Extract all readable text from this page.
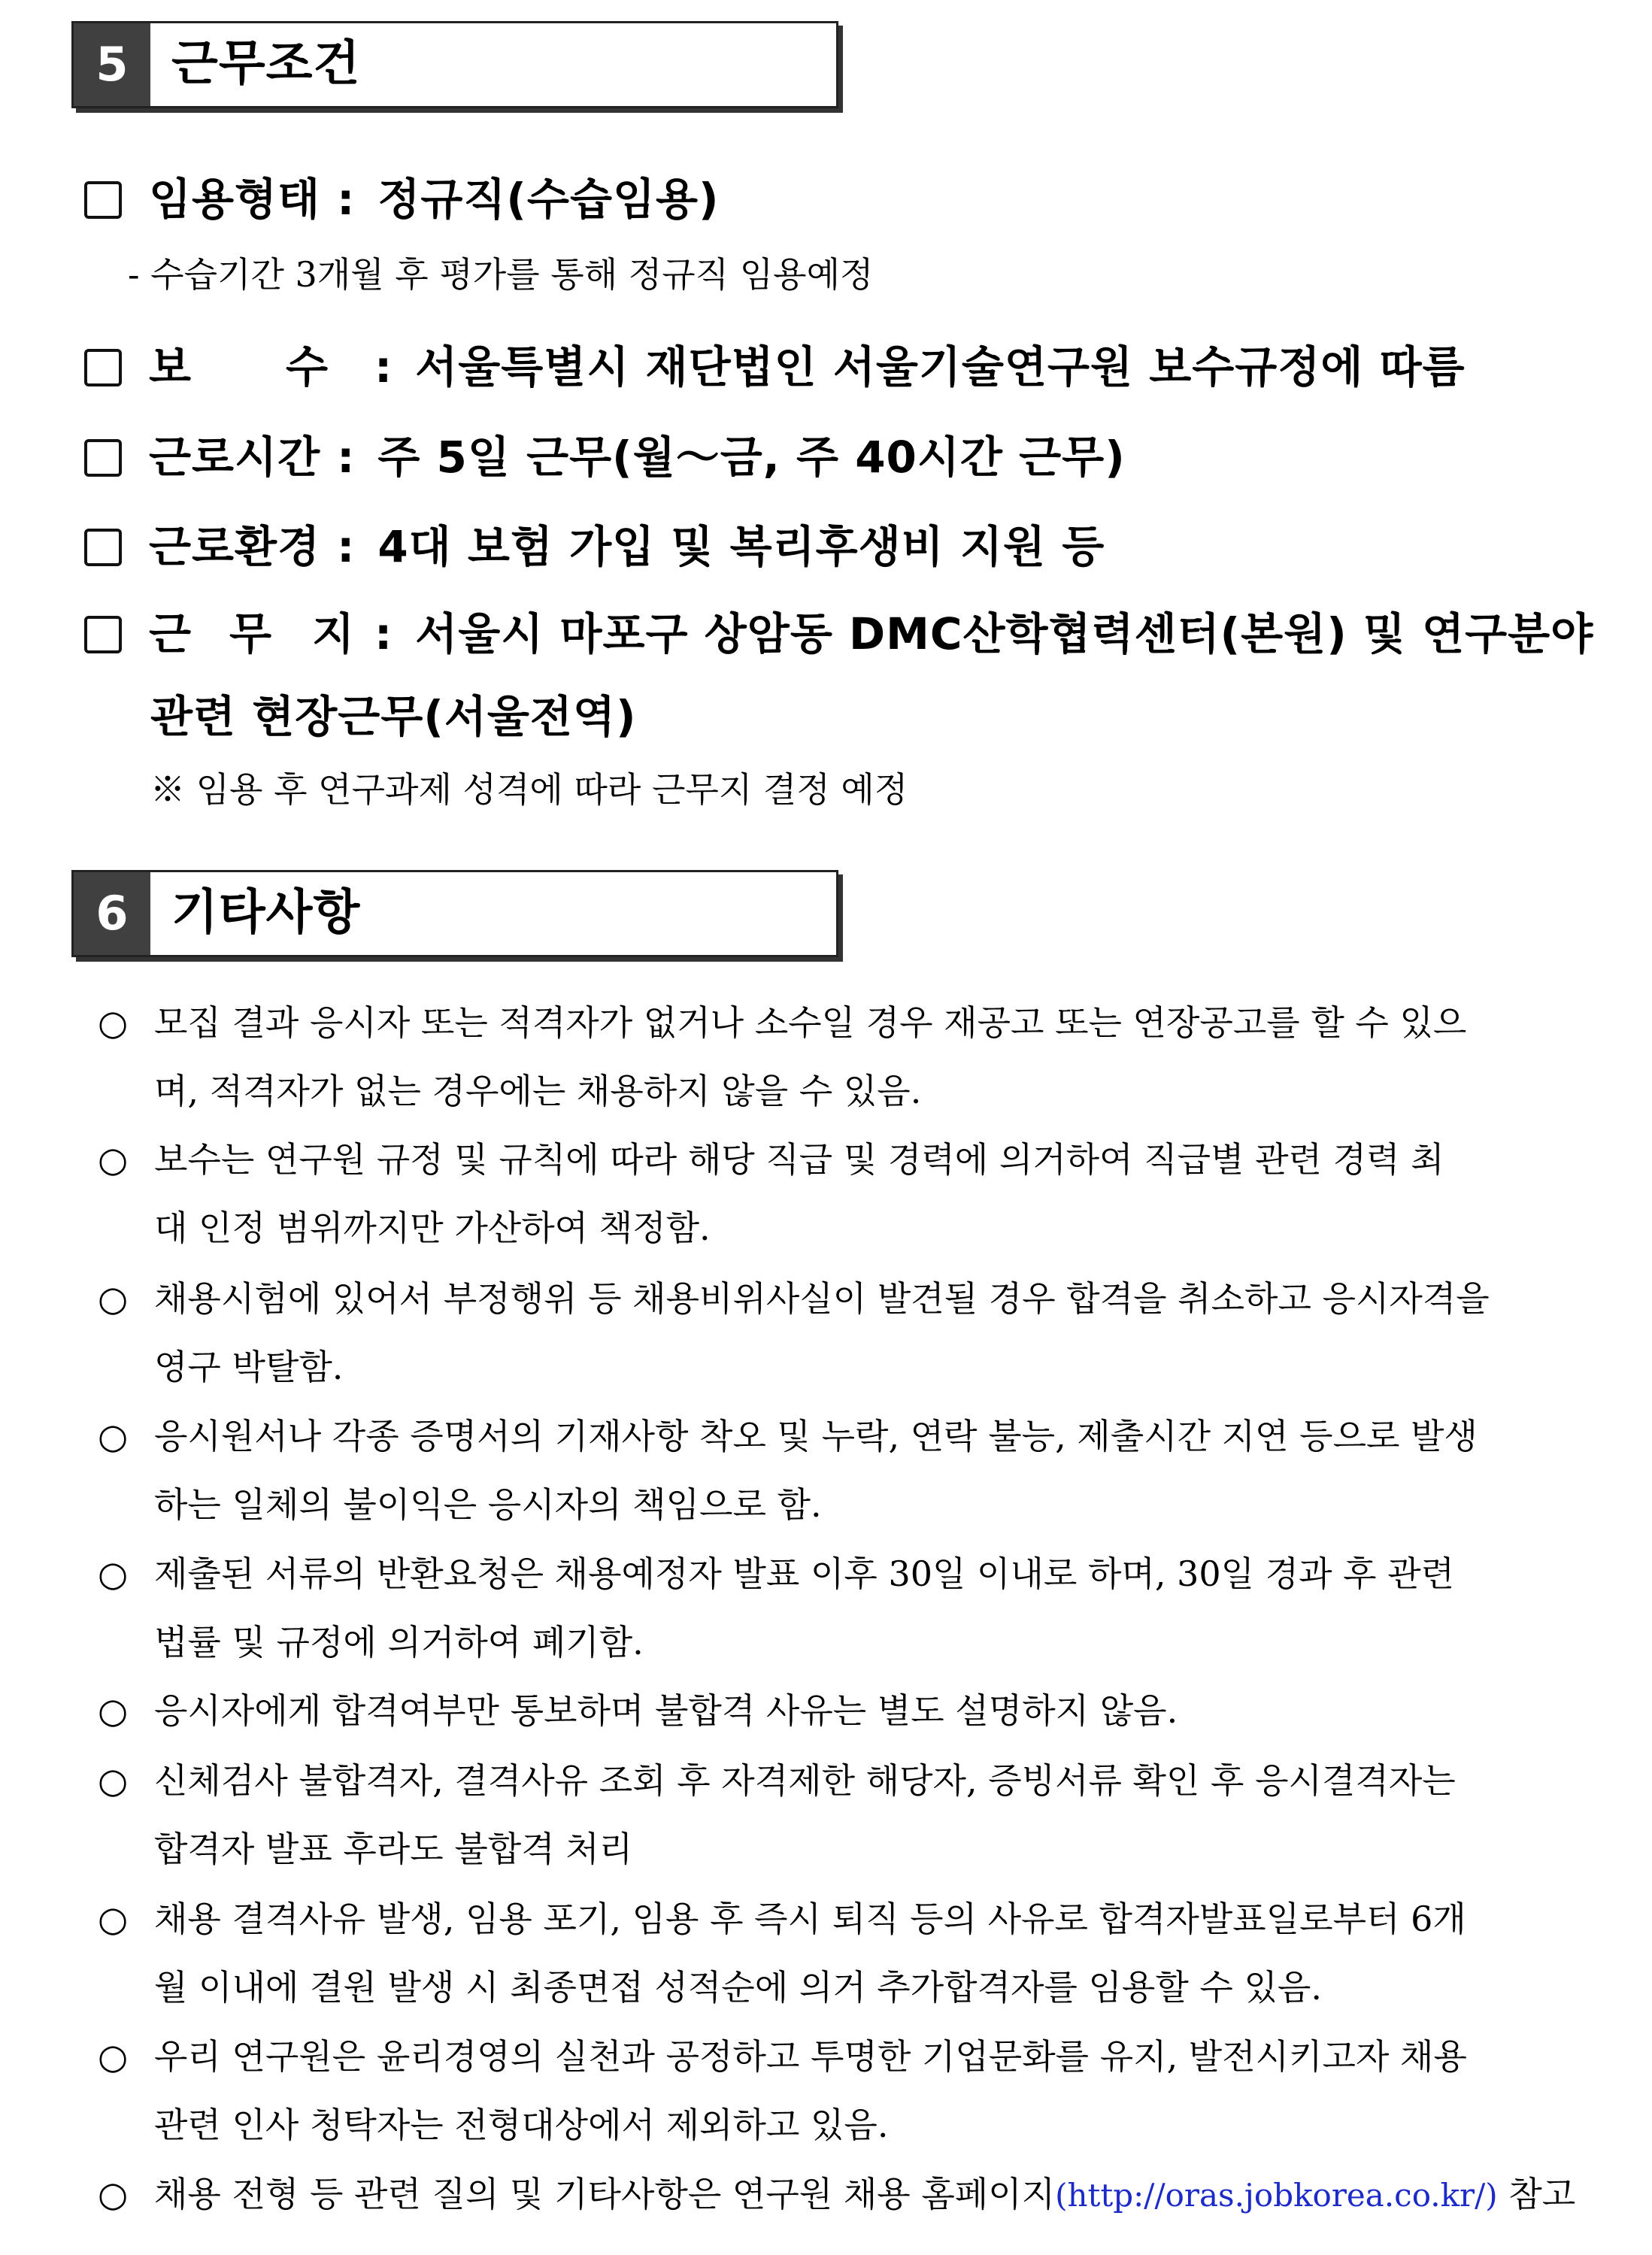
5 근무조건
임용형태 : 정규직(수습임용)
- 수습기간 3개월 후 평가를 통해 정규직 임용예정
보 수 : 서울특별시 재단법인 서울기술연구원 보수규정에 따름
근로시간 : 주 5일 근무(월～금, 주 40시간 근무)
근로환경 : 4대 보험 가입 및 복리후생비 지원 등
근 무 지 : 서울시 마포구 상암동 DMC산학협력센터(본원) 및 연구분야
관련 현장근무(서울전역)
※ 임용 후 연구과제 성격에 따라 근무지 결정 예정
6 기타사항
○ 모집 결과 응시자 또는 적격자가 없거나 소수일 경우 재공고 또는 연장공고를 할 수 있으
며, 적격자가 없는 경우에는 채용하지 않을 수 있음.
○ 보수는 연구원 규정 및 규칙에 따라 해당 직급 및 경력에 의거하여 직급별 관련 경력 최
대 인정 범위까지만 가산하여 책정함.
○ 채용시험에 있어서 부정행위 등 채용비위사실이 발견될 경우 합격을 취소하고 응시자격을
영구 박탈함.
○ 응시원서나 각종 증명서의 기재사항 착오 및 누락, 연락 불능, 제출시간 지연 등으로 발생
하는 일체의 불이익은 응시자의 책임으로 함.
○ 제출된 서류의 반환요청은 채용예정자 발표 이후 30일 이내로 하며, 30일 경과 후 관련
법률 및 규정에 의거하여 폐기함.
○ 응시자에게 합격여부만 통보하며 불합격 사유는 별도 설명하지 않음.
○ 신체검사 불합격자, 결격사유 조회 후 자격제한 해당자, 증빙서류 확인 후 응시결격자는
합격자 발표 후라도 불합격 처리
○ 채용 결격사유 발생, 임용 포기, 임용 후 즉시 퇴직 등의 사유로 합격자발표일로부터 6개
월 이내에 결원 발생 시 최종면접 성적순에 의거 추가합격자를 임용할 수 있음.
○ 우리 연구원은 윤리경영의 실천과 공정하고 투명한 기업문화를 유지, 발전시키고자 채용
관련 인사 청탁자는 전형대상에서 제외하고 있음.
○ 채용 전형 등 관련 질의 및 기타사항은 연구원 채용 홈페이지(http://oras.jobkorea.co.kr/) 참고
